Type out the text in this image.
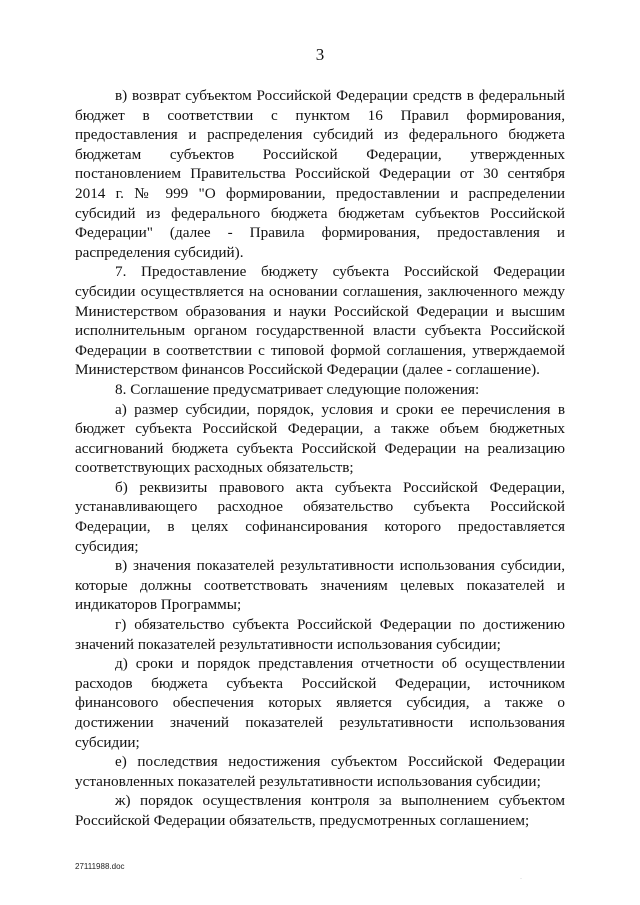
3

в) возврат субъектом Российской Федерации средств в федеральный бюджет в соответствии с пунктом 16 Правил формирования, предоставления и распределения субсидий из федерального бюджета бюджетам субъектов Российской Федерации, утвержденных постановлением Правительства Российской Федерации от 30 сентября 2014 г. № 999 "О формировании, предоставлении и распределении субсидий из федерального бюджета бюджетам субъектов Российской Федерации" (далее - Правила формирования, предоставления и распределения субсидий).

7. Предоставление бюджету субъекта Российской Федерации субсидии осуществляется на основании соглашения, заключенного между Министерством образования и науки Российской Федерации и высшим исполнительным органом государственной власти субъекта Российской Федерации в соответствии с типовой формой соглашения, утверждаемой Министерством финансов Российской Федерации (далее - соглашение).

8. Соглашение предусматривает следующие положения:

а) размер субсидии, порядок, условия и сроки ее перечисления в бюджет субъекта Российской Федерации, а также объем бюджетных ассигнований бюджета субъекта Российской Федерации на реализацию соответствующих расходных обязательств;

б) реквизиты правового акта субъекта Российской Федерации, устанавливающего расходное обязательство субъекта Российской Федерации, в целях софинансирования которого предоставляется субсидия;

в) значения показателей результативности использования субсидии, которые должны соответствовать значениям целевых показателей и индикаторов Программы;

г) обязательство субъекта Российской Федерации по достижению значений показателей результативности использования субсидии;

д) сроки и порядок представления отчетности об осуществлении расходов бюджета субъекта Российской Федерации, источником финансового обеспечения которых является субсидия, а также о достижении значений показателей результативности использования субсидии;

е) последствия недостижения субъектом Российской Федерации установленных показателей результативности использования субсидии;

ж) порядок осуществления контроля за выполнением субъектом Российской Федерации обязательств, предусмотренных соглашением;

27111988.doc
·
